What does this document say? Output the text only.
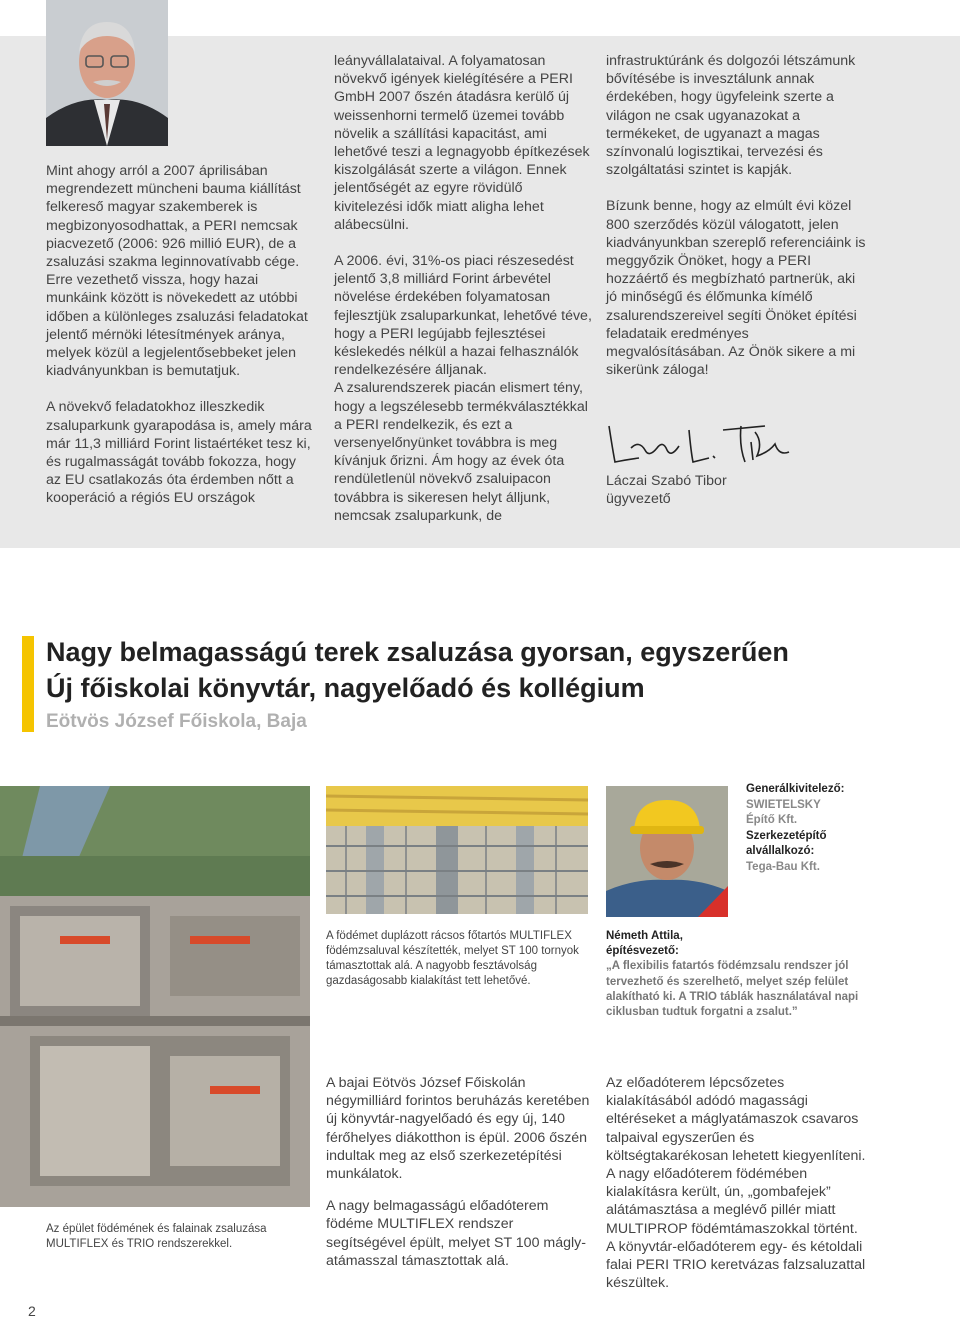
Mint ahogy arról a 2007 áprilisában megrendezett müncheni bauma kiállítást felkereső magyar szakemberek is megbizonyosodhattak, a PERI nemcsak piacvezető (2006: 926 millió EUR), de a zsaluzási szakma leginnovatívabb cége. Erre vezethető vissza, hogy hazai munkáink között is növekedett az utóbbi időben a különleges zsaluzási feladatokat jelentő mérnöki létesítmények aránya, melyek közül a legjelentősebbeket jelen kiadványunkban is bemutatjuk.

A növekvő feladatokhoz illeszkedik zsaluparkunk gyarapodása is, amely mára már 11,3 milliárd Forint listaértéket tesz ki, és rugalmasságát tovább fokozza, hogy az EU csatlakozás óta érdemben nőtt a kooperáció a régiós EU országok

leányvállalataival. A folyamatosan növekvő igények kielégítésére a PERI GmbH 2007 őszén átadásra kerülő új weissenhorni termelő üzemei tovább növelik a szállítási kapacitást, ami lehetővé teszi a legnagyobb építkezések kiszolgálását szerte a világon. Ennek jelentőségét az egyre rövidülő kivitelezési idők miatt aligha lehet alábecsülni.

A 2006. évi, 31%-os piaci részesedést jelentő 3,8 milliárd Forint árbevétel növelése érdekében folyamatosan fejlesztjük zsaluparkunkat, lehetővé téve, hogy a PERI legújabb fejlesztései késlekedés nélkül a hazai felhasználók rendelkezésére álljanak.

A zsalurendszerek piacán elismert tény, hogy a legszélesebb termékválasztékkal a PERI rendelkezik, és ezt a versenyelőnyünket továbbra is meg kívánjuk őrizni. Ám hogy az évek óta rendületlenül növekvő zsaluipacon továbbra is sikeresen helyt álljunk, nemcsak zsaluparkunk, de

infrastruktúránk és dolgozói létszámunk bővítésébe is invesztálunk annak érdekében, hogy ügyfeleink szerte a világon ne csak ugyanazokat a termékeket, de ugyanazt a magas színvonalú logisztikai, tervezési és szolgáltatási szintet is kapják.

Bízunk benne, hogy az elmúlt évi közel 800 szerződés közül válogatott, jelen kiadványunkban szereplő referenciáink is meggyőzik Önöket, hogy a PERI hozzáértő és megbízható partnerük, aki jó minőségű és élőmunka kímélő zsalurendszereivel segíti Önöket építési feladataik eredményes megvalósításában. Az Önök sikere a mi sikerünk záloga!

Láczai Szabó Tibor
ügyvezető
Nagy belmagasságú terek zsaluzása gyorsan, egyszerűen
Új főiskolai könyvtár, nagyelőadó és kollégium
Eötvös József Főiskola, Baja
Generálkivitelező:
SWIETELSKY
Építő Kft.
Szerkezetépítő
alvállalkozó:
Tega-Bau Kft.
A födémet duplázott rácsos főtartós MULTIFLEX födémzsaluval készítették, melyet ST 100 tornyok támasztottak alá. A nagyobb fesztávolság gazdaságosabb kialakítást tett lehetővé.
Németh Attila,
építésvezető:
„A flexibilis fatartós födémzsalu rendszer jól tervezhető és szerelhető, melyet szép felület alakítható ki. A TRIO táblák használatával napi ciklusban tudtuk forgatni a zsalut.”
Az épület födémének és falainak zsaluzása MULTIFLEX és TRIO rendszerekkel.

A bajai Eötvös József Főiskolán négymilliárd forintos beruházás keretében új könyvtár-nagyelőadó és egy új, 140 férőhelyes diákotthon is épül. 2006 őszén indultak meg az első szerkezetépítési munkálatok.

A nagy belmagasságú előadóterem födéme MULTIFLEX rendszer segítségével épült, melyet ST 100 máglyatámasszal támasztottak alá.

Az előadóterem lépcsőzetes kialakításából adódó magassági eltéréseket a máglyatámaszok csavaros talpaival egyszerűen és költségtakarékosan lehetett kiegyenlíteni. A nagy előadóterem födémében kialakításra került, ún, „gombafejek” alátámasztása a meglévő pillér miatt MULTIPROP födémtámaszokkal történt. A könyvtár-előadóterem egy- és kétoldali falai PERI TRIO keretvázas falzsaluzattal készültek.

2
